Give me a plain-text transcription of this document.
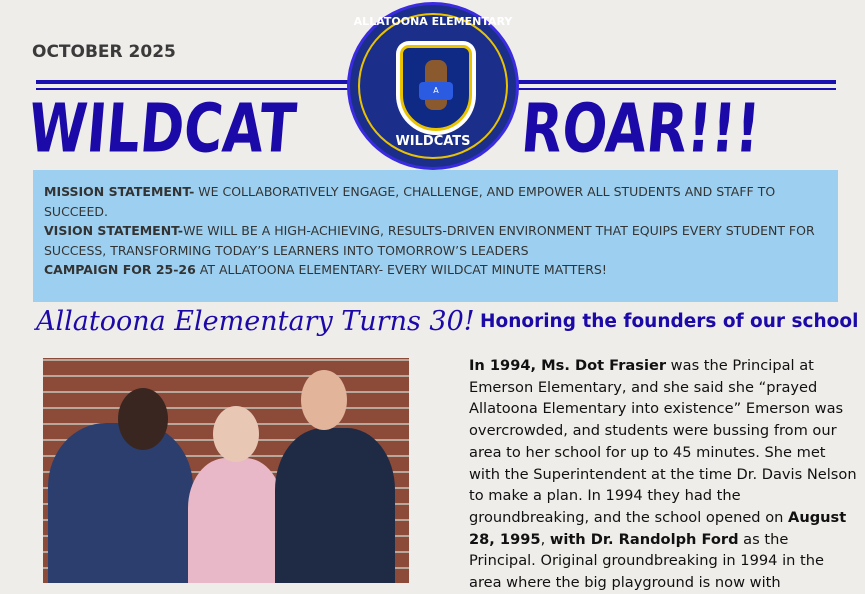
OCTOBER 2025
WILDCAT	ROAR!!!
ALLATOONA ELEMENTARY
A
WILDCATS
MISSION STATEMENT- WE COLLABORATIVELY ENGAGE, CHALLENGE, AND EMPOWER ALL STUDENTS AND STAFF TO SUCCEED.
VISION STATEMENT-WE WILL BE A HIGH-ACHIEVING, RESULTS-DRIVEN ENVIRONMENT THAT EQUIPS EVERY STUDENT FOR SUCCESS, TRANSFORMING TODAY’S LEARNERS INTO TOMORROW’S LEADERS
CAMPAIGN FOR 25-26 AT ALLATOONA ELEMENTARY- EVERY WILDCAT MINUTE MATTERS!
Allatoona Elementary Turns 30! Honoring the founders of our school
In 1994, Ms. Dot Frasier was the Principal at Emerson Elementary, and she said she “prayed Allatoona Elementary into existence” Emerson was overcrowded, and students were bussing from our area to her school for up to 45 minutes. She met with the Superintendent at the time Dr. Davis Nelson to make a plan. In 1994 they had the groundbreaking, and the school opened on August 28, 1995, with Dr. Randolph Ford as the Principal. Original groundbreaking in 1994 in the area where the big playground is now with
